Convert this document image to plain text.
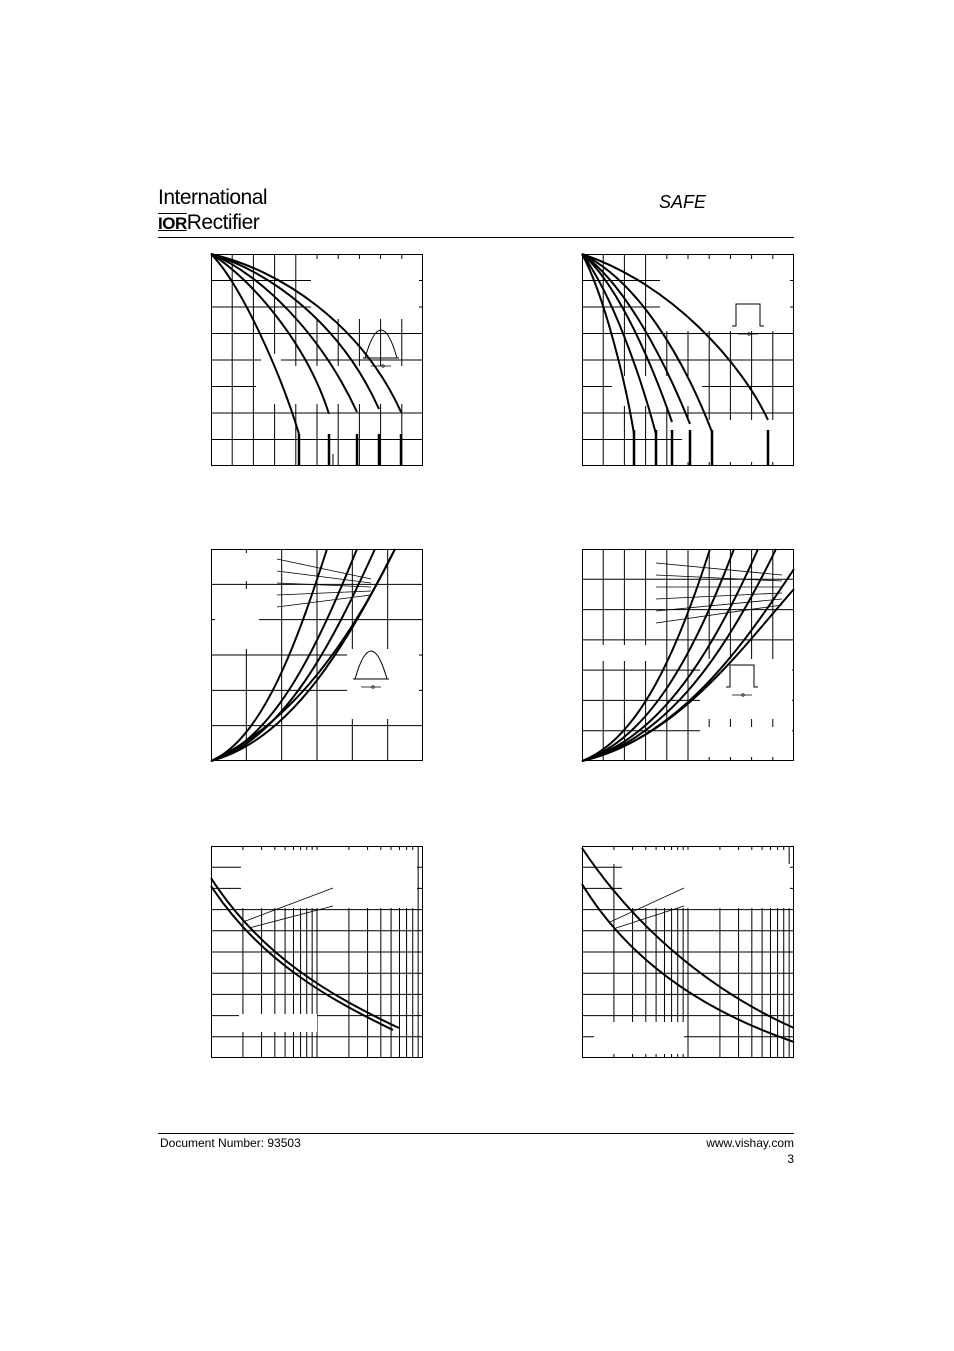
International
IORRectifier
SAFE
Document Number: 93503	www.vishay.com
3
